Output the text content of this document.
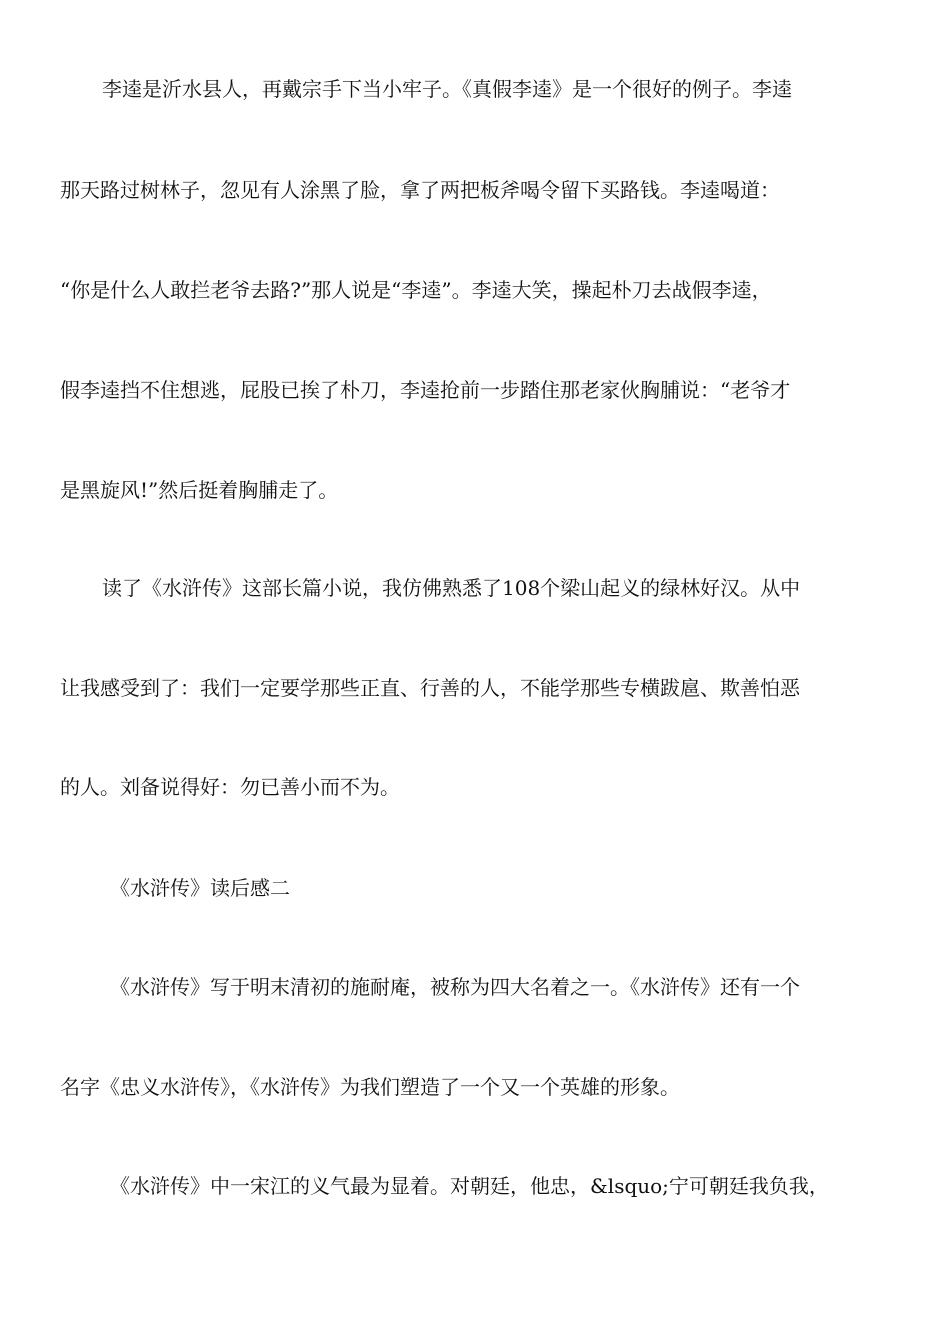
李逵是沂水县人，再戴宗手下当小牢子。《真假李逵》是一个很好的例子。李逵
那天路过树林子，忽见有人涂黑了脸，拿了两把板斧喝令留下买路钱。李逵喝道：
“你是什么人敢拦老爷去路?”那人说是“李逵”。李逵大笑，操起朴刀去战假李逵，
假李逵挡不住想逃，屁股已挨了朴刀，李逵抢前一步踏住那老家伙胸脯说：“老爷才
是黑旋风!”然后挺着胸脯走了。
读了《水浒传》这部长篇小说，我仿佛熟悉了108个梁山起义的绿林好汉。从中
让我感受到了：我们一定要学那些正直、行善的人，不能学那些专横跋扈、欺善怕恶
的人。刘备说得好：勿已善小而不为。
《水浒传》读后感二
《水浒传》写于明末清初的施耐庵，被称为四大名着之一。《水浒传》还有一个
名字《忠义水浒传》，《水浒传》为我们塑造了一个又一个英雄的形象。
《水浒传》中一宋江的义气最为显着。对朝廷，他忠，&lsquo;宁可朝廷我负我，
